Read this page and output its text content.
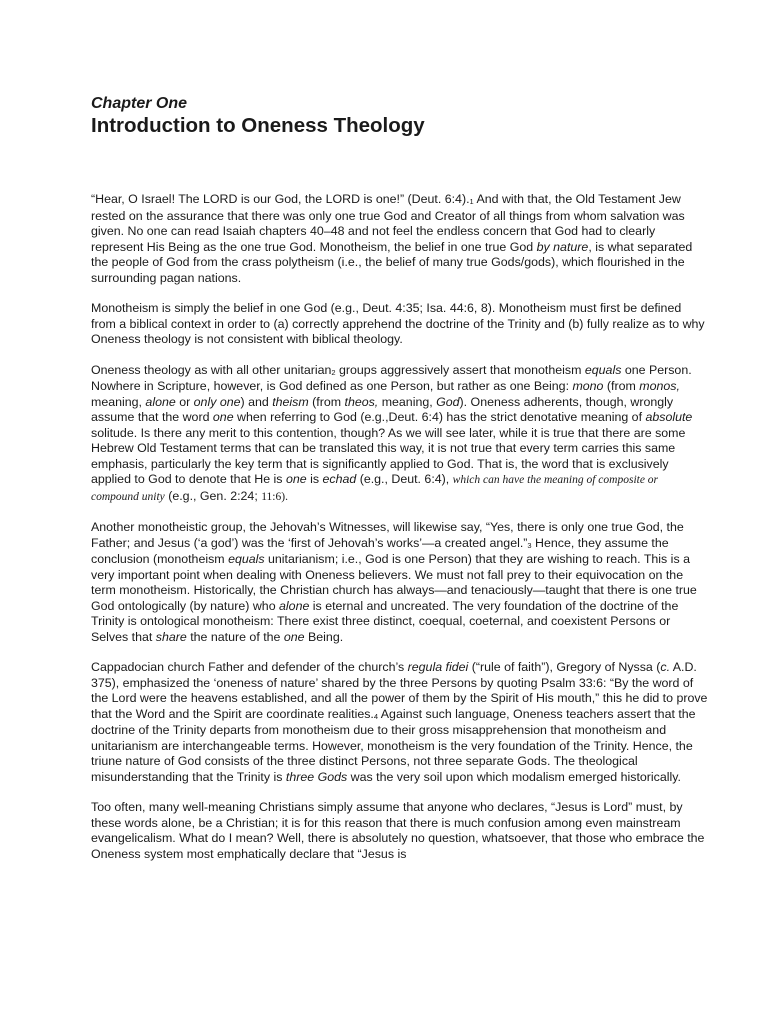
Chapter One
Introduction to Oneness Theology

“Hear, O Israel! The LORD is our God, the LORD is one!” (Deut. 6:4).$^1$ And with that, the Old Testament Jew rested on the assurance that there was only one true God and Creator of all things from whom salvation was given. No one can read Isaiah chapters 40–48 and not feel the endless concern that God had to clearly represent His Being as the one true God. Monotheism, the belief in one true God by nature, is what separated the people of God from the crass polytheism (i.e., the belief of many true Gods/gods), which flourished in the surrounding pagan nations.

Monotheism is simply the belief in one God (e.g., Deut. 4:35; Isa. 44:6, 8). Monotheism must first be defined from a biblical context in order to (a) correctly apprehend the doctrine of the Trinity and (b) fully realize as to why Oneness theology is not consistent with biblical theology.

Oneness theology as with all other unitarian$^2$ groups aggressively assert that monotheism equals one Person. Nowhere in Scripture, however, is God defined as one Person, but rather as one Being: mono (from monos, meaning, alone or only one) and theism (from theos, meaning, God). Oneness adherents, though, wrongly assume that the word one when referring to God (e.g.,Deut. 6:4) has the strict denotative meaning of absolute solitude. Is there any merit to this contention, though? As we will see later, while it is true that there are some Hebrew Old Testament terms that can be translated this way, it is not true that every term carries this same emphasis, particularly the key term that is significantly applied to God. That is, the word that is exclusively applied to God to denote that He is one is echad (e.g., Deut. 6:4), which can have the meaning of composite or compound unity (e.g., Gen. 2:24; 11:6).

Another monotheistic group, the Jehovah’s Witnesses, will likewise say, “Yes, there is only one true God, the Father; and Jesus (‘a god’) was the ‘first of Jehovah’s works’—a created angel.”$^3$ Hence, they assume the conclusion (monotheism equals unitarianism; i.e., God is one Person) that they are wishing to reach. This is a very important point when dealing with Oneness believers. We must not fall prey to their equivocation on the term monotheism. Historically, the Christian church has always—and tenaciously—taught that there is one true God ontologically (by nature) who alone is eternal and uncreated. The very foundation of the doctrine of the Trinity is ontological monotheism: There exist three distinct, coequal, coeternal, and coexistent Persons or Selves that share the nature of the one Being.

Cappadocian church Father and defender of the church’s regula fidei (“rule of faith”), Gregory of Nyssa (c. A.D. 375), emphasized the ‘oneness of nature’ shared by the three Persons by quoting Psalm 33:6: “By the word of the Lord were the heavens established, and all the power of them by the Spirit of His mouth,” this he did to prove that the Word and the Spirit are coordinate realities.$^4$ Against such language, Oneness teachers assert that the doctrine of the Trinity departs from monotheism due to their gross misapprehension that monotheism and unitarianism are interchangeable terms. However, monotheism is the very foundation of the Trinity. Hence, the triune nature of God consists of the three distinct Persons, not three separate Gods. The theological misunderstanding that the Trinity is three Gods was the very soil upon which modalism emerged historically.

Too often, many well-meaning Christians simply assume that anyone who declares, “Jesus is Lord” must, by these words alone, be a Christian; it is for this reason that there is much confusion among even mainstream evangelicalism. What do I mean? Well, there is absolutely no question, whatsoever, that those who embrace the Oneness system most emphatically declare that “Jesus is
